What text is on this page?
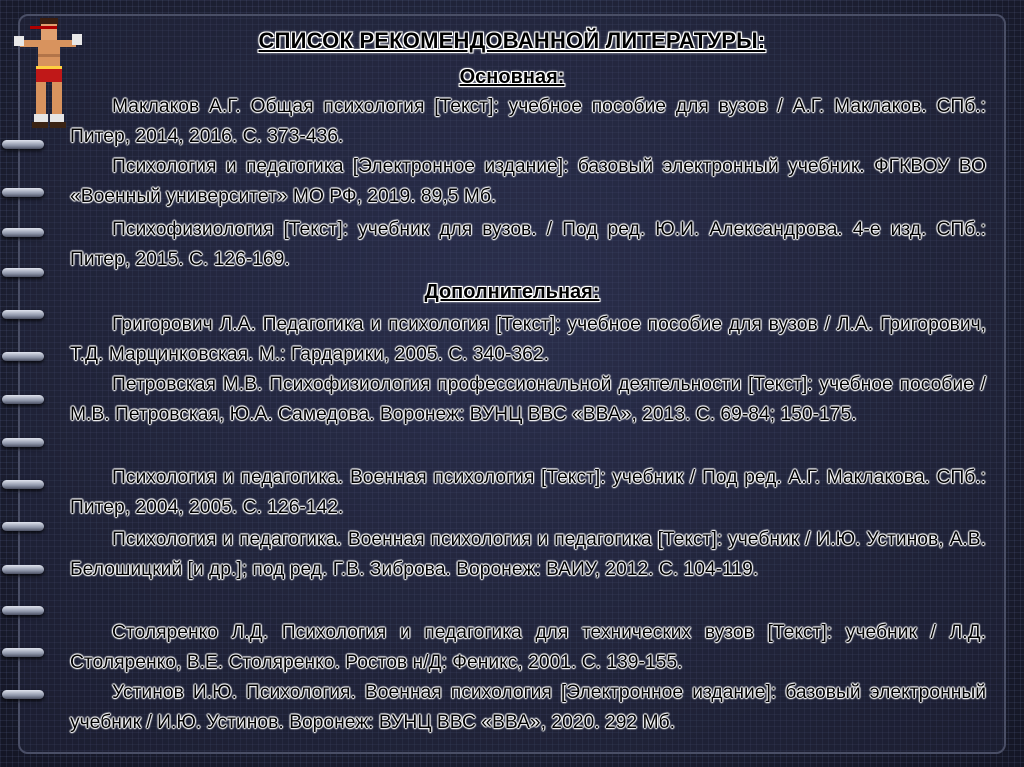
СПИСОК РЕКОМЕНДОВАННОЙ ЛИТЕРАТУРЫ:
Основная:
Маклаков А.Г. Общая психология [Текст]: учебное пособие для вузов / А.Г. Маклаков. СПб.: Питер, 2014, 2016. С. 373-436.
Психология и педагогика [Электронное издание]: базовый электронный учебник. ФГКВОУ ВО «Военный университет» МО РФ, 2019. 89,5 Мб.
Психофизиология [Текст]: учебник для вузов. / Под ред. Ю.И. Александрова. 4-е изд. СПб.: Питер, 2015. С. 126-169.
Дополнительная:
Григорович Л.А. Педагогика и психология [Текст]: учебное пособие для вузов / Л.А. Григорович, Т.Д. Марцинковская. М.: Гардарики, 2005. С. 340-362.
Петровская М.В. Психофизиология профессиональной деятельности [Текст]: учебное пособие / М.В. Петровская, Ю.А. Самедова. Воронеж: ВУНЦ ВВС «ВВА», 2013. С. 69-84; 150-175.
Психология и педагогика. Военная психология [Текст]: учебник / Под ред. А.Г. Маклакова. СПб.: Питер, 2004, 2005. С. 126-142.
Психология и педагогика. Военная психология и педагогика [Текст]: учебник / И.Ю. Устинов, А.В. Белошицкий [и др.]; под ред. Г.В. Зиброва. Воронеж: ВАИУ, 2012. С. 104-119.
Столяренко Л.Д. Психология и педагогика для технических вузов [Текст]: учебник / Л.Д. Столяренко, В.Е. Столяренко. Ростов н/Д: Феникс, 2001. С. 139-155.
Устинов И.Ю. Психология. Военная психология [Электронное издание]: базовый электронный учебник / И.Ю. Устинов. Воронеж: ВУНЦ ВВС «ВВА», 2020. 292 Мб.
